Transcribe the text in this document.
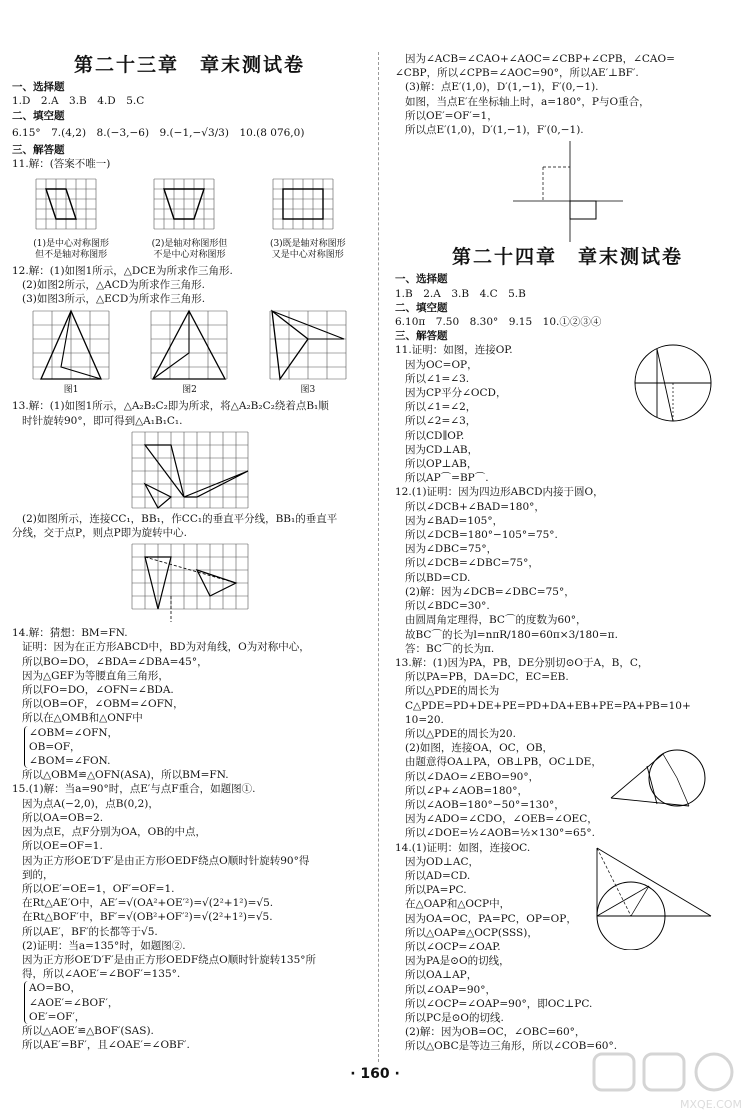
第二十三章　章末测试卷
一、选择题
1.D　2.A　3.B　4.D　5.C
二、填空题
6.15°　7.(4,2)　8.(−3,−6)　9.(−1,−√3/3)　10.(8 076,0)
三、解答题
11.解：(答案不唯一)
(1)是中心对称图形但不是轴对称图形
(2)是轴对称图形但不是中心对称图形
(3)既是轴对称图形又是中心对称图形
12.解：(1)如图1所示，△DCE为所求作三角形.
(2)如图2所示，△ACD为所求作三角形.
(3)如图3所示，△ECD为所求作三角形.
图1	图2	图3
13.解：(1)如图1所示，△A₂B₂C₂即为所求，将△A₂B₂C₂绕着点B₁顺
时针旋转90°，即可得到△A₁B₁C₁.
(2)如图所示，连接CC₁，BB₁，作CC₁的垂直平分线，BB₁的垂直平
分线，交于点P，则点P即为旋转中心.
14.解：猜想：BM=FN.
证明：因为在正方形ABCD中，BD为对角线，O为对称中心，
所以BO=DO，∠BDA=∠DBA=45°，
因为△GEF为等腰直角三角形，
所以FO=DO，∠OFN=∠BDA.
所以OB=OF，∠OBM=∠OFN，
所以在△OMB和△ONF中
∠OBM=∠OFN，
OB=OF，
∠BOM=∠FON.
所以△OBM≌△OFN(ASA)，所以BM=FN.
15.(1)解：当a=90°时，点E′与点F重合，如题图①.
因为点A(−2,0)，点B(0,2)，
所以OA=OB=2.
因为点E，点F分别为OA，OB的中点，
所以OE=OF=1.
因为正方形OE′D′F′是由正方形OEDF绕点O顺时针旋转90°得
到的，
所以OE′=OE=1，OF′=OF=1.
在Rt△AE′O中，AE′=√(OA²+OE′²)=√(2²+1²)=√5.
在Rt△BOF′中，BF′=√(OB²+OF′²)=√(2²+1²)=√5.
所以AE′，BF′的长都等于√5.
(2)证明：当a=135°时，如题图②.
因为正方形OE′D′F′是由正方形OEDF绕点O顺时针旋转135°所
得，所以∠AOE′=∠BOF′=135°.
AO=BO，
∠AOE′=∠BOF′，
OE′=OF′，
所以△AOE′≌△BOF′(SAS).
所以AE′=BF′，且∠OAE′=∠OBF′.
因为∠ACB=∠CAO+∠AOC=∠CBP+∠CPB，∠CAO=
∠CBP，所以∠CPB=∠AOC=90°，所以AE′⊥BF′.
(3)解：点E′(1,0)，D′(1,−1)，F′(0,−1).
如图，当点E′在坐标轴上时，a=180°，P与O重合，
所以OE′=OF′=1，
所以点E′(1,0)，D′(1,−1)，F′(0,−1).
第二十四章　章末测试卷
一、选择题
1.B　2.A　3.B　4.C　5.B
二、填空题
6.10π　7.50　8.30°　9.15　10.①②③④
三、解答题
11.证明：如图，连接OP.
因为OC=OP，
所以∠1=∠3.
因为CP平分∠OCD，
所以∠1=∠2，
所以∠2=∠3，
所以CD∥OP.
因为CD⊥AB，
所以OP⊥AB，
所以AP⌒=BP⌒.
12.(1)证明：因为四边形ABCD内接于圆O，
所以∠DCB+∠BAD=180°，
因为∠BAD=105°，
所以∠DCB=180°−105°=75°.
因为∠DBC=75°，
所以∠DCB=∠DBC=75°，
所以BD=CD.
(2)解：因为∠DCB=∠DBC=75°，
所以∠BDC=30°.
由圆周角定理得，BC⌒的度数为60°，
故BC⌒的长为l=nπR/180=60π×3/180=π.
答：BC⌒的长为π.
13.解：(1)因为PA，PB，DE分别切⊙O于A，B，C，
所以PA=PB，DA=DC，EC=EB.
所以△PDE的周长为
C△PDE=PD+DE+PE=PD+DA+EB+PE=PA+PB=10+
10=20.
所以△PDE的周长为20.
(2)如图，连接OA，OC，OB，
由题意得OA⊥PA，OB⊥PB，OC⊥DE，
所以∠DAO=∠EBO=90°，
所以∠P+∠AOB=180°，
所以∠AOB=180°−50°=130°，
因为∠ADO=∠CDO，∠OEB=∠OEC，
所以∠DOE=½∠AOB=½×130°=65°.
14.(1)证明：如图，连接OC.
因为OD⊥AC，
所以AD=CD.
所以PA=PC.
在△OAP和△OCP中，
因为OA=OC，PA=PC，OP=OP，
所以△OAP≌△OCP(SSS)，
所以∠OCP=∠OAP.
因为PA是⊙O的切线，
所以OA⊥AP，
所以∠OAP=90°，
所以∠OCP=∠OAP=90°，即OC⊥PC.
所以PC是⊙O的切线.
(2)解：因为OB=OC，∠OBC=60°，
所以△OBC是等边三角形，所以∠COB=60°.
· 160 ·
MXQE.COM
